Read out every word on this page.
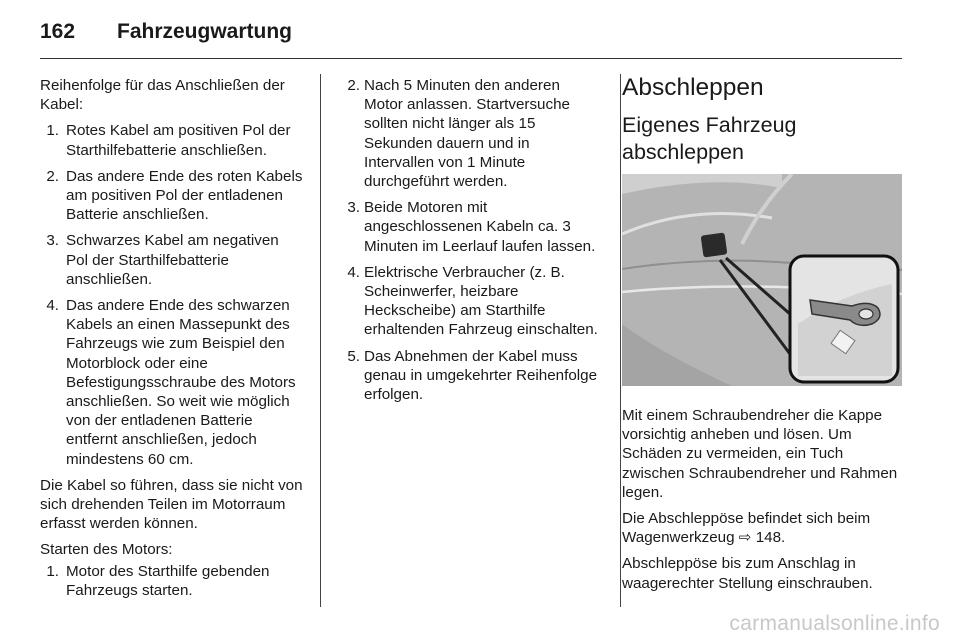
162 Fahrzeugwartung

Reihenfolge für das Anschließen der Kabel:

1. Rotes Kabel am positiven Pol der Starthilfebatterie anschließen.
2. Das andere Ende des roten Kabels am positiven Pol der entladenen Batterie anschließen.
3. Schwarzes Kabel am negativen Pol der Starthilfebatterie anschließen.
4. Das andere Ende des schwarzen Kabels an einen Massepunkt des Fahrzeugs wie zum Beispiel den Motorblock oder eine Befestigungsschraube des Motors anschließen. So weit wie möglich von der entladenen Batterie entfernt anschließen, jedoch mindestens 60 cm.

Die Kabel so führen, dass sie nicht von sich drehenden Teilen im Motorraum erfasst werden können.

Starten des Motors:

1. Motor des Starthilfe gebenden Fahrzeugs starten.
2. Nach 5 Minuten den anderen Motor anlassen. Startversuche sollten nicht länger als 15 Sekunden dauern und in Intervallen von 1 Minute durchgeführt werden.
3. Beide Motoren mit angeschlossenen Kabeln ca. 3 Minuten im Leerlauf laufen lassen.
4. Elektrische Verbraucher (z. B. Scheinwerfer, heizbare Heckscheibe) am Starthilfe erhaltenden Fahrzeug einschalten.
5. Das Abnehmen der Kabel muss genau in umgekehrter Reihenfolge erfolgen.
Abschleppen
Eigenes Fahrzeug abschleppen

Mit einem Schraubendreher die Kappe vorsichtig anheben und lösen. Um Schäden zu vermeiden, ein Tuch zwischen Schraubendreher und Rahmen legen.

Die Abschleppöse befindet sich beim Wagenwerkzeug ⇨ 148.

Abschleppöse bis zum Anschlag in waagerechter Stellung einschrauben.

carmanualsonline.info
